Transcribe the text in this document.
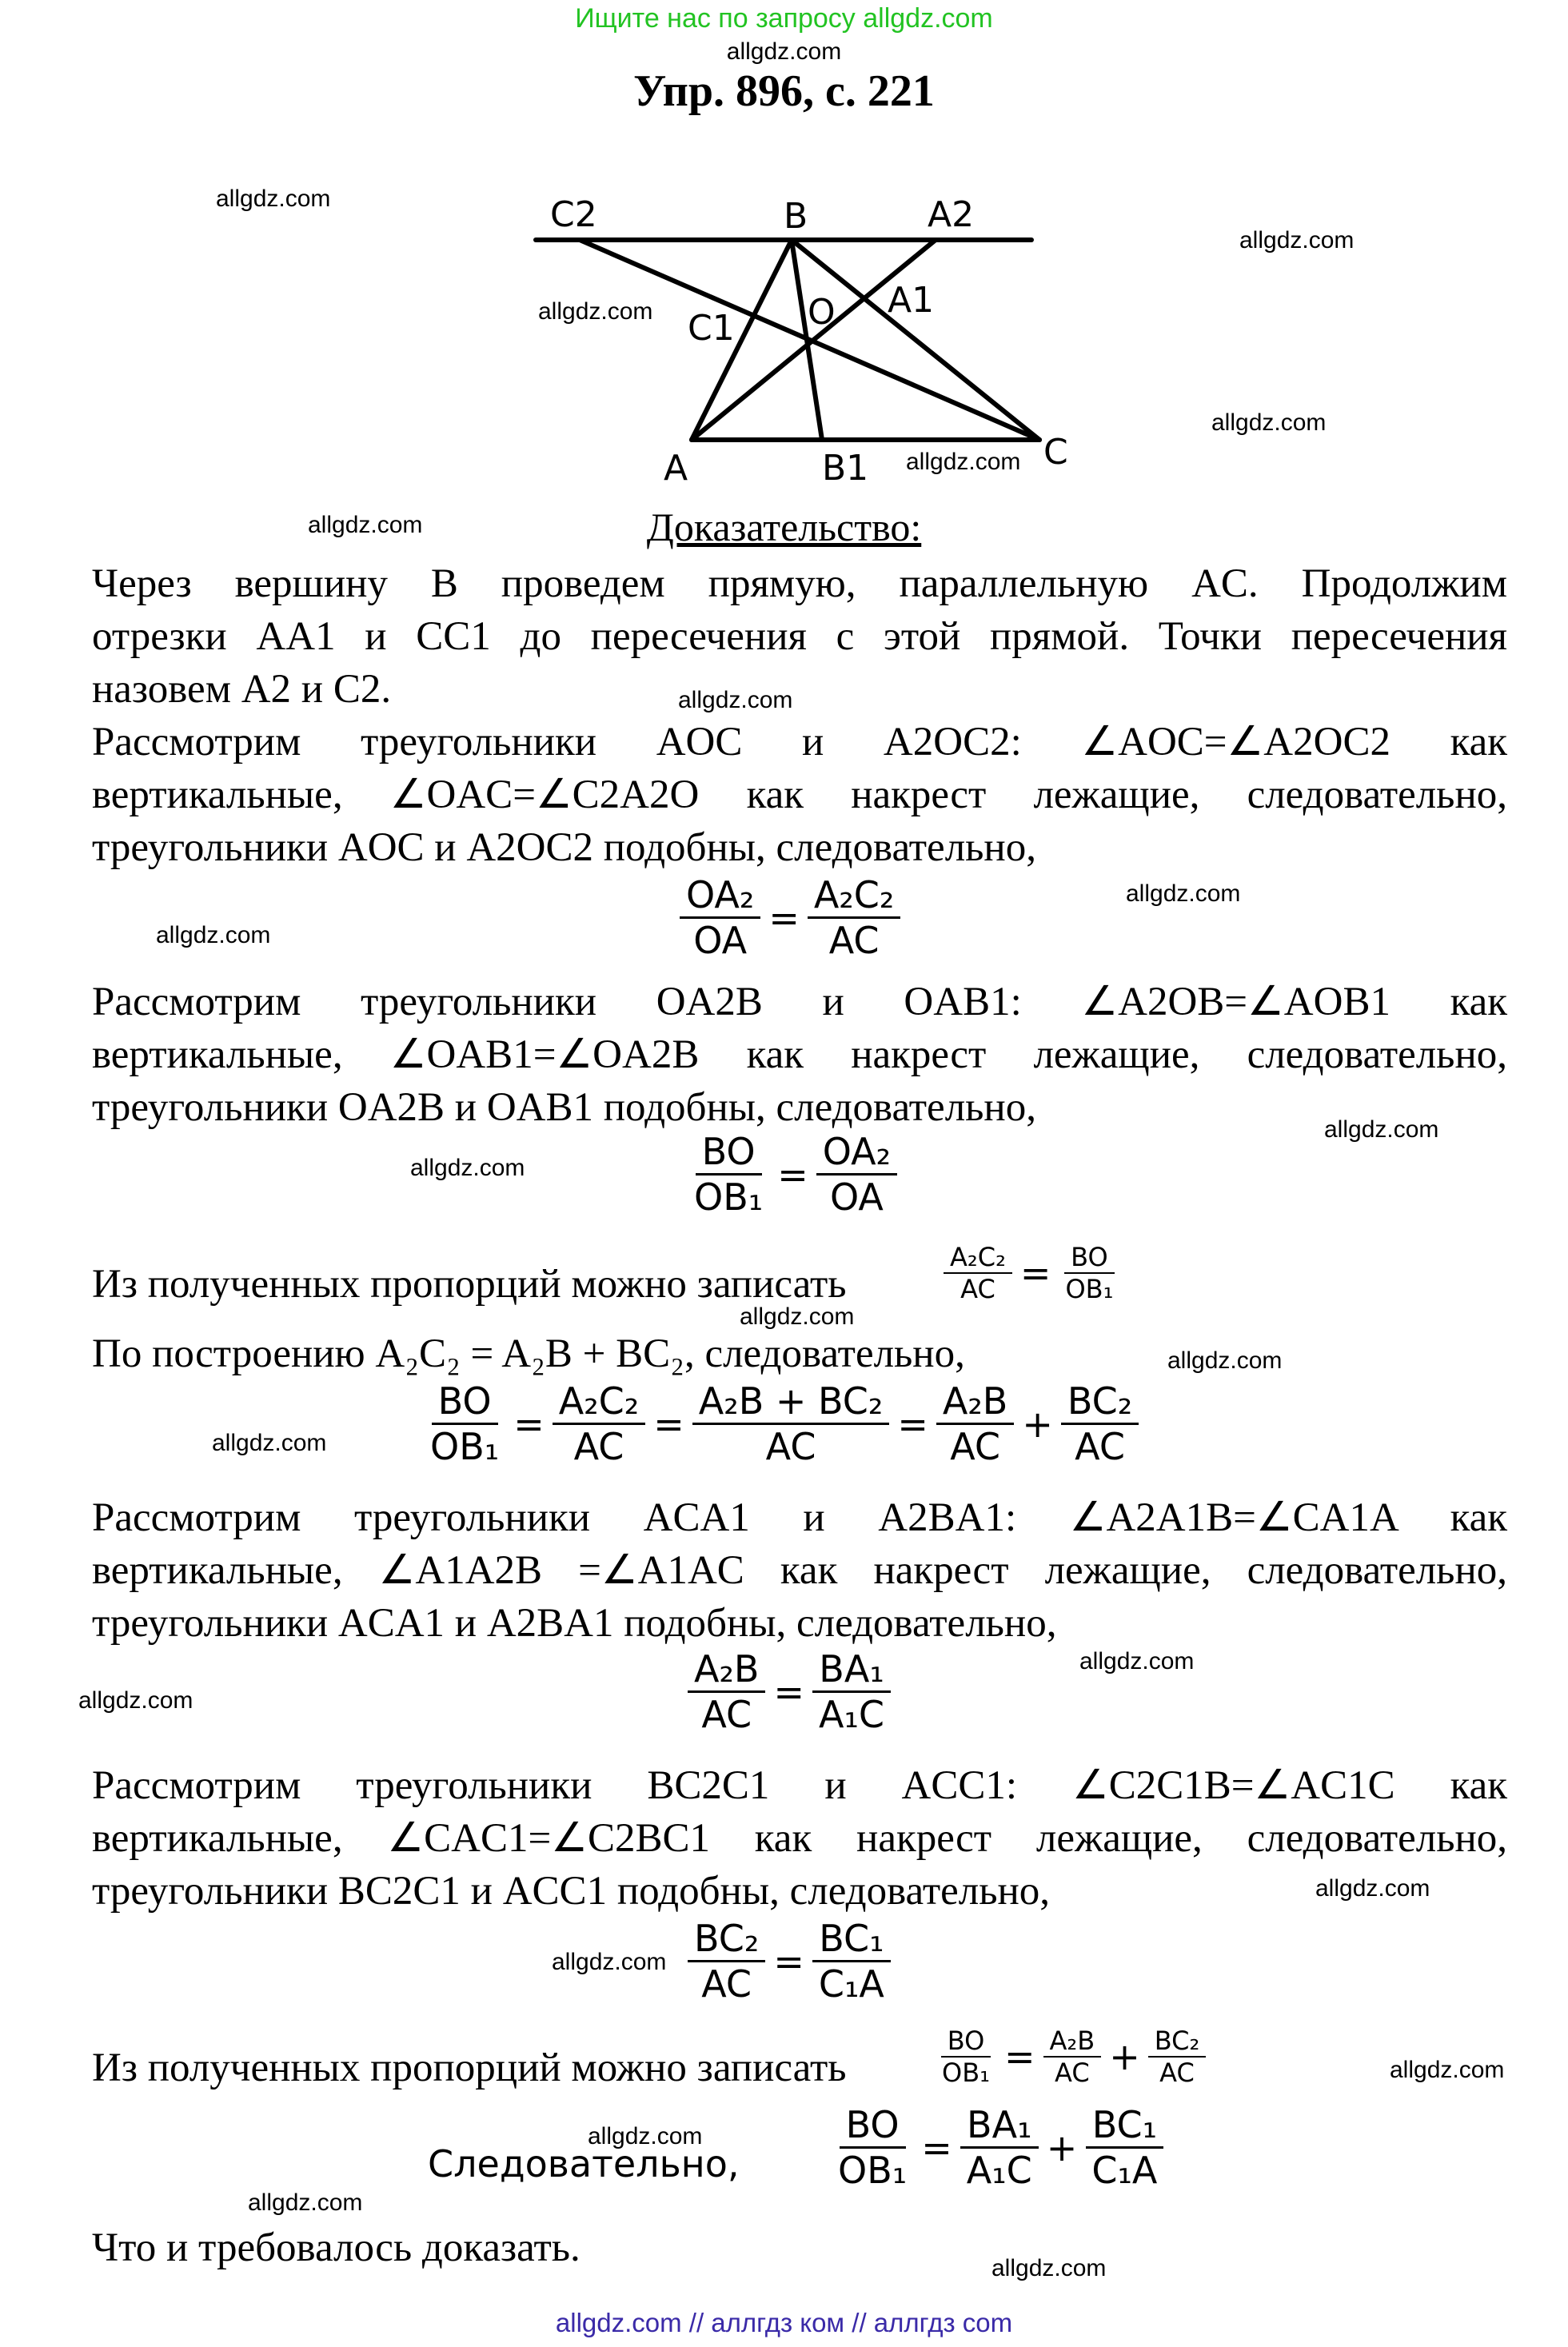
Ищите нас по запросу allgdz.com
allgdz.com
Упр. 896, с. 221
C2	B	A2
C1 O A1
A	B1	C
allgdz.com
allgdz.com
allgdz.com
allgdz.com
allgdz.com
allgdz.com
allgdz.com
allgdz.com
allgdz.com
allgdz.com
allgdz.com
allgdz.com
allgdz.com
allgdz.com
allgdz.com
allgdz.com
allgdz.com
allgdz.com
allgdz.com
allgdz.com
allgdz.com
allgdz.com
Доказательство:
Через вершину B проведем прямую, параллельную AC. Продолжим
отрезки AA1 и CC1 до пересечения с этой прямой. Точки пересечения
назовем A2 и C2.
Рассмотрим треугольники AOC и A2OC2: ∠AOC=∠A2OC2 как
вертикальные, ∠OAC=∠C2A2O как накрест лежащие, следовательно,
треугольники AOC и A2OC2 подобны, следовательно,
$\frac{\text{OA₂}}{OA} = \frac{\text{A₂C₂}}{AC}$
Рассмотрим треугольники OA2B и OAB1: ∠A2OB=∠AOB1 как
вертикальные, ∠OAB1=∠OA2B как накрест лежащие, следовательно,
треугольники OA2B и OAB1 подобны, следовательно,
$\frac{BO}{\text{OB₁}} = \frac{\text{OA₂}}{OA}$
Из полученных пропорций можно записать	$\frac{\text{A₂C₂}}{AC} = \frac{BO}{\text{OB₁}}$
По построению A₂C₂ = A₂B + BC₂, следовательно,
$\frac{BO}{\text{OB₁}} = \frac{\text{A₂C₂}}{AC} = \frac{\text{A₂B + BC₂}}{AC} = \frac{\text{A₂B}}{AC} + \frac{\text{BC₂}}{AC}$
Рассмотрим треугольники ACA1 и A2BA1: ∠A2A1B=∠CA1A как
вертикальные, ∠A1A2B =∠A1AC как накрест лежащие, следовательно,
треугольники ACA1 и A2BA1 подобны, следовательно,
$\frac{\text{A₂B}}{AC} = \frac{\text{BA₁}}{\text{A₁C}}$
Рассмотрим треугольники BC2C1 и ACC1: ∠C2C1B=∠AC1C как
вертикальные, ∠CAC1=∠C2BC1 как накрест лежащие, следовательно,
треугольники BC2C1 и ACC1 подобны, следовательно,
$\frac{\text{BC₂}}{AC} = \frac{\text{BC₁}}{\text{C₁A}}$
Из полученных пропорций можно записать	$\frac{BO}{\text{OB₁}} = \frac{\text{A₂B}}{AC} + \frac{\text{BC₂}}{AC}$
Следовательно,	$\frac{BO}{\text{OB₁}} = \frac{\text{BA₁}}{\text{A₁C}} + \frac{\text{BC₁}}{\text{C₁A}}$
Что и требовалось доказать.
allgdz.com // аллгдз ком // аллгдз com
